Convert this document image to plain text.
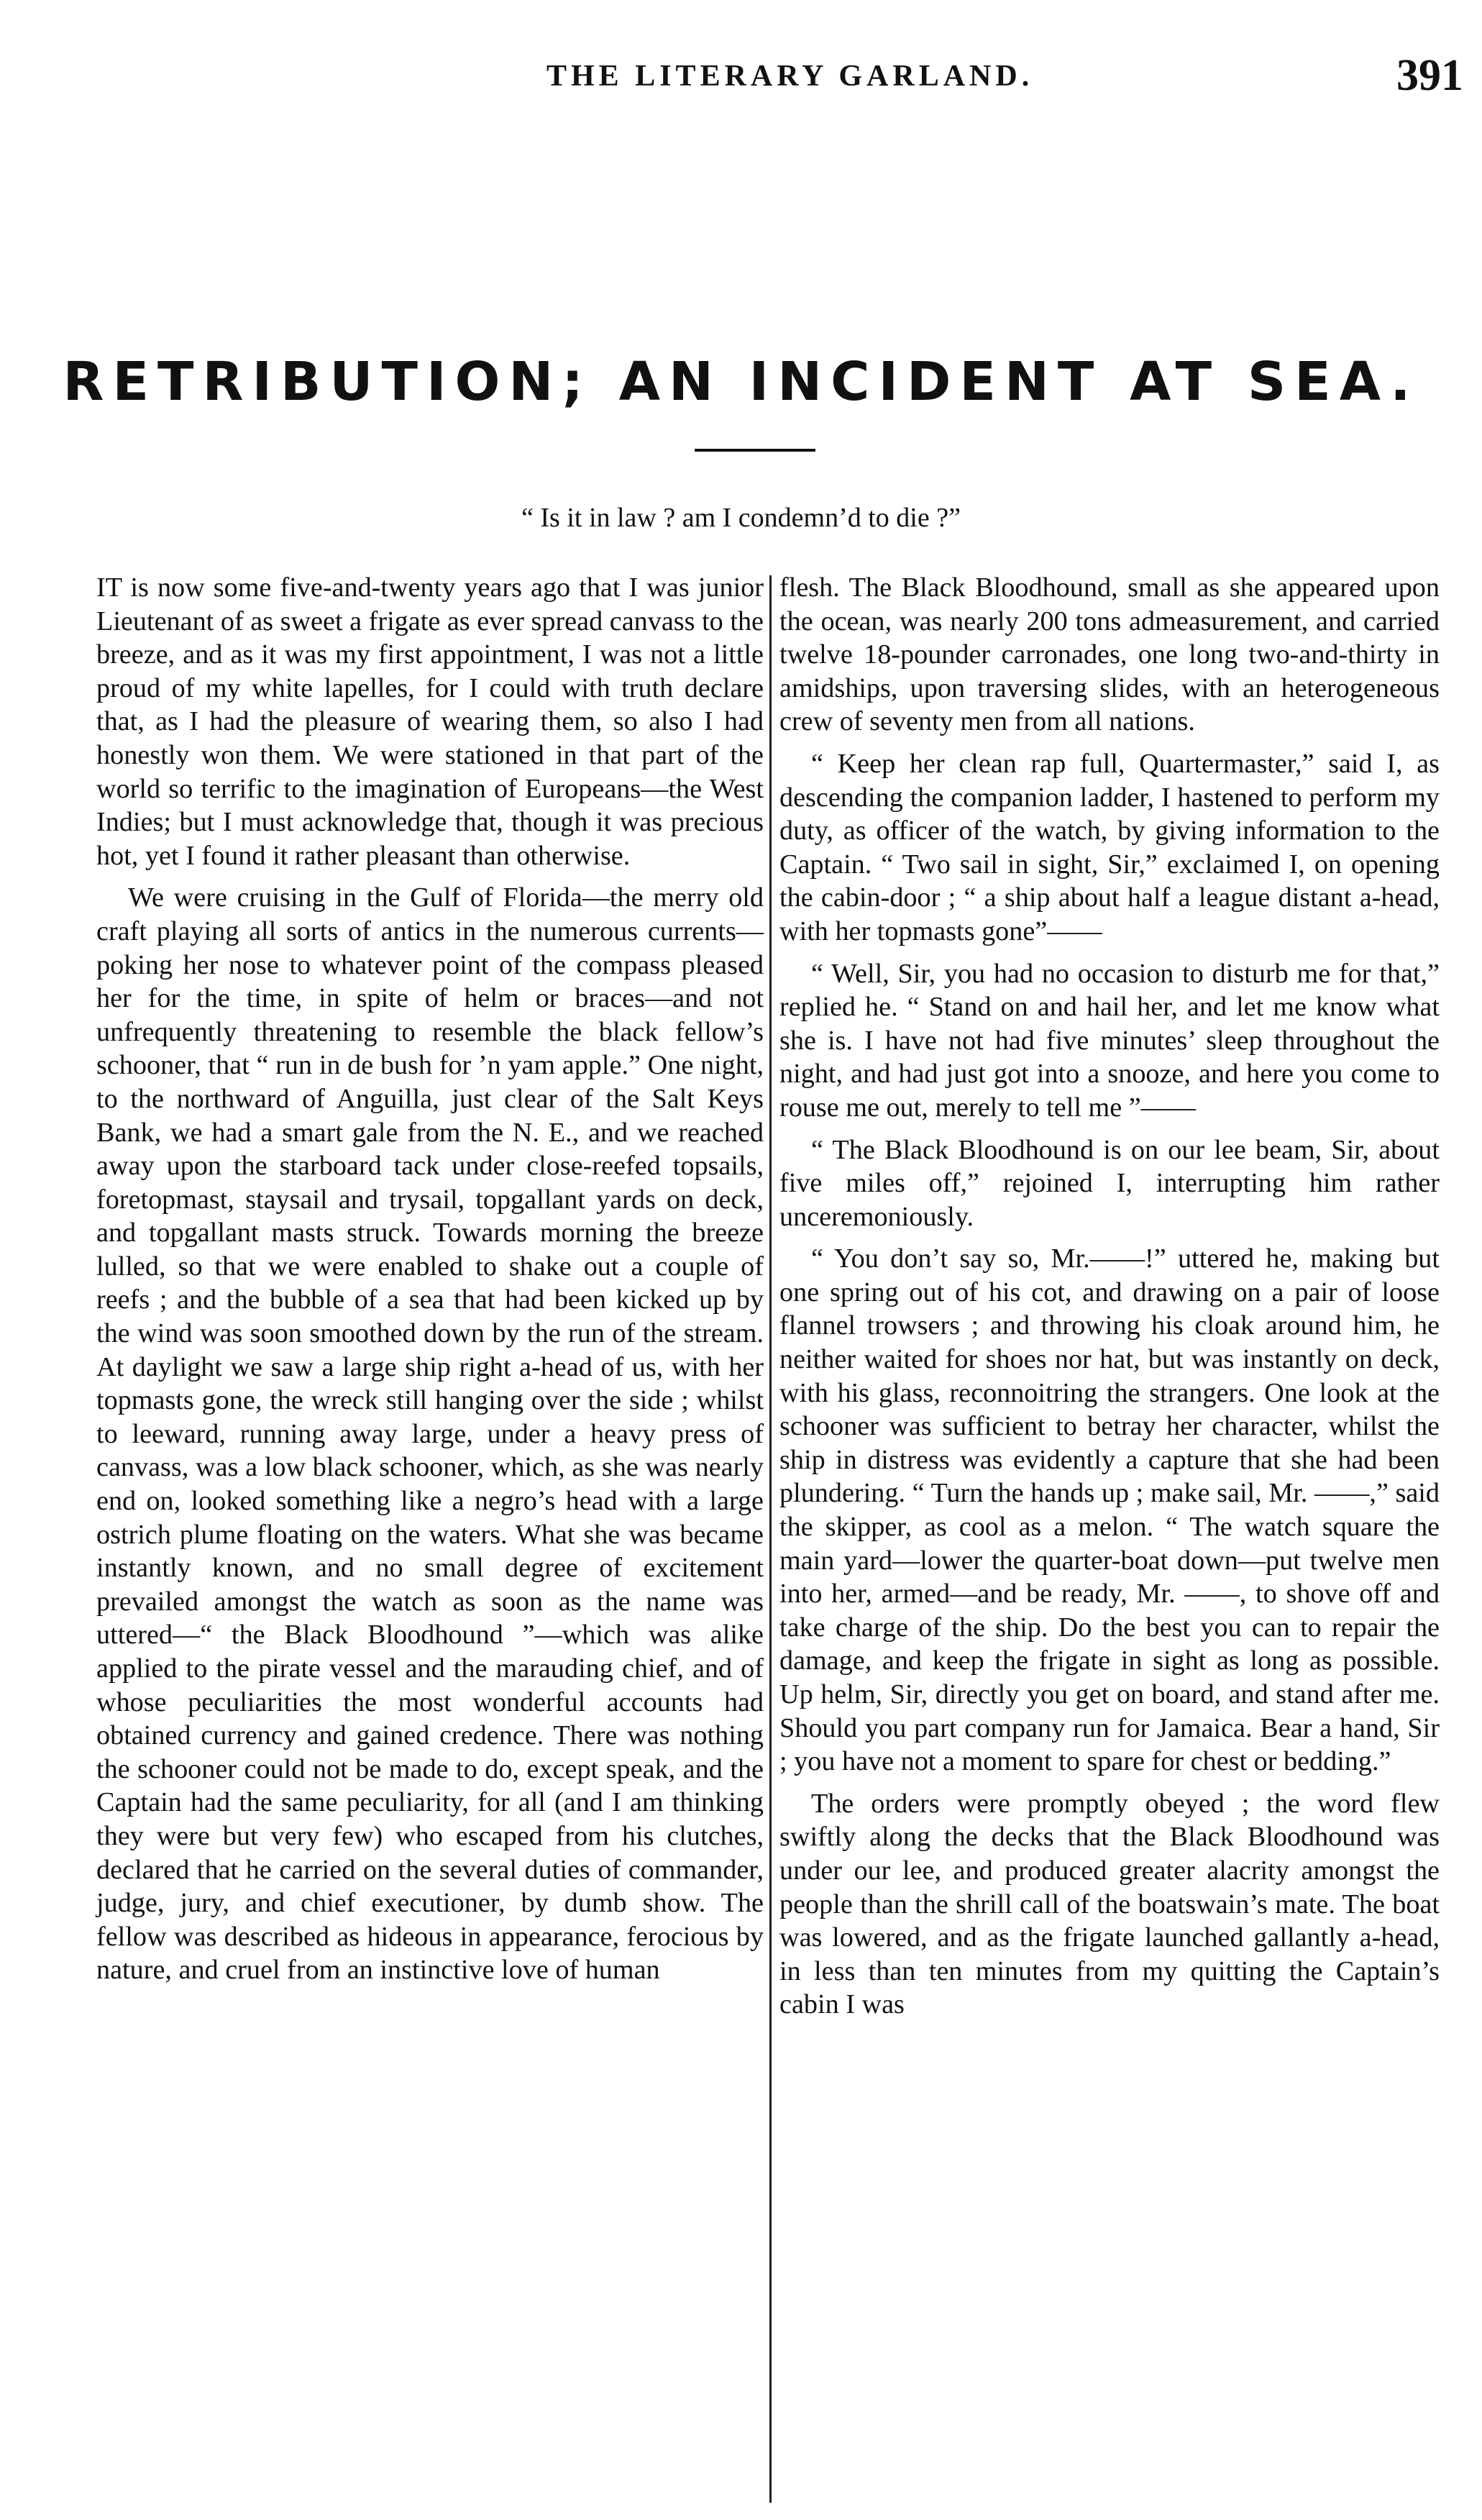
THE LITERARY GARLAND.	391
RETRIBUTION; AN INCIDENT AT SEA.
“ Is it in law ? am I condemn’d to die ?”

IT is now some five-and-twenty years ago that I was junior Lieutenant of as sweet a frigate as ever spread canvass to the breeze, and as it was my first appointment, I was not a little proud of my white lapelles, for I could with truth declare that, as I had the pleasure of wearing them, so also I had honestly won them. We were stationed in that part of the world so terrific to the imagination of Europeans—the West Indies; but I must acknowledge that, though it was precious hot, yet I found it rather pleasant than otherwise.

We were cruising in the Gulf of Florida—the merry old craft playing all sorts of antics in the numerous currents—poking her nose to whatever point of the compass pleased her for the time, in spite of helm or braces—and not unfrequently threatening to resemble the black fellow’s schooner, that “ run in de bush for ’n yam apple.” One night, to the northward of Anguilla, just clear of the Salt Keys Bank, we had a smart gale from the N. E., and we reached away upon the starboard tack under close-reefed topsails, foretopmast, staysail and trysail, topgallant yards on deck, and topgallant masts struck. Towards morning the breeze lulled, so that we were enabled to shake out a couple of reefs ; and the bubble of a sea that had been kicked up by the wind was soon smoothed down by the run of the stream. At daylight we saw a large ship right a-head of us, with her topmasts gone, the wreck still hanging over the side ; whilst to leeward, running away large, under a heavy press of canvass, was a low black schooner, which, as she was nearly end on, looked something like a negro’s head with a large ostrich plume floating on the waters. What she was became instantly known, and no small degree of excitement prevailed amongst the watch as soon as the name was uttered—“ the Black Bloodhound ”—which was alike applied to the pirate vessel and the marauding chief, and of whose peculiarities the most wonderful accounts had obtained currency and gained credence. There was nothing the schooner could not be made to do, except speak, and the Captain had the same peculiarity, for all (and I am thinking they were but very few) who escaped from his clutches, declared that he carried on the several duties of commander, judge, jury, and chief executioner, by dumb show. The fellow was described as hideous in appearance, ferocious by nature, and cruel from an instinctive love of human

flesh. The Black Bloodhound, small as she appeared upon the ocean, was nearly 200 tons admeasurement, and carried twelve 18-pounder carronades, one long two-and-thirty in amidships, upon traversing slides, with an heterogeneous crew of seventy men from all nations.

“ Keep her clean rap full, Quartermaster,” said I, as descending the companion ladder, I hastened to perform my duty, as officer of the watch, by giving information to the Captain. “ Two sail in sight, Sir,” exclaimed I, on opening the cabin-door ; “ a ship about half a league distant a-head, with her topmasts gone”——

“ Well, Sir, you had no occasion to disturb me for that,” replied he. “ Stand on and hail her, and let me know what she is. I have not had five minutes’ sleep throughout the night, and had just got into a snooze, and here you come to rouse me out, merely to tell me ”——

“ The Black Bloodhound is on our lee beam, Sir, about five miles off,” rejoined I, interrupting him rather unceremoniously.

“ You don’t say so, Mr.——!” uttered he, making but one spring out of his cot, and drawing on a pair of loose flannel trowsers ; and throwing his cloak around him, he neither waited for shoes nor hat, but was instantly on deck, with his glass, reconnoitring the strangers. One look at the schooner was sufficient to betray her character, whilst the ship in distress was evidently a capture that she had been plundering. “ Turn the hands up ; make sail, Mr. ——,” said the skipper, as cool as a melon. “ The watch square the main yard—lower the quarter-boat down—put twelve men into her, armed—and be ready, Mr. ——, to shove off and take charge of the ship. Do the best you can to repair the damage, and keep the frigate in sight as long as possible. Up helm, Sir, directly you get on board, and stand after me. Should you part company run for Jamaica. Bear a hand, Sir ; you have not a moment to spare for chest or bedding.”

The orders were promptly obeyed ; the word flew swiftly along the decks that the Black Bloodhound was under our lee, and produced greater alacrity amongst the people than the shrill call of the boatswain’s mate. The boat was lowered, and as the frigate launched gallantly a-head, in less than ten minutes from my quitting the Captain’s cabin I was
